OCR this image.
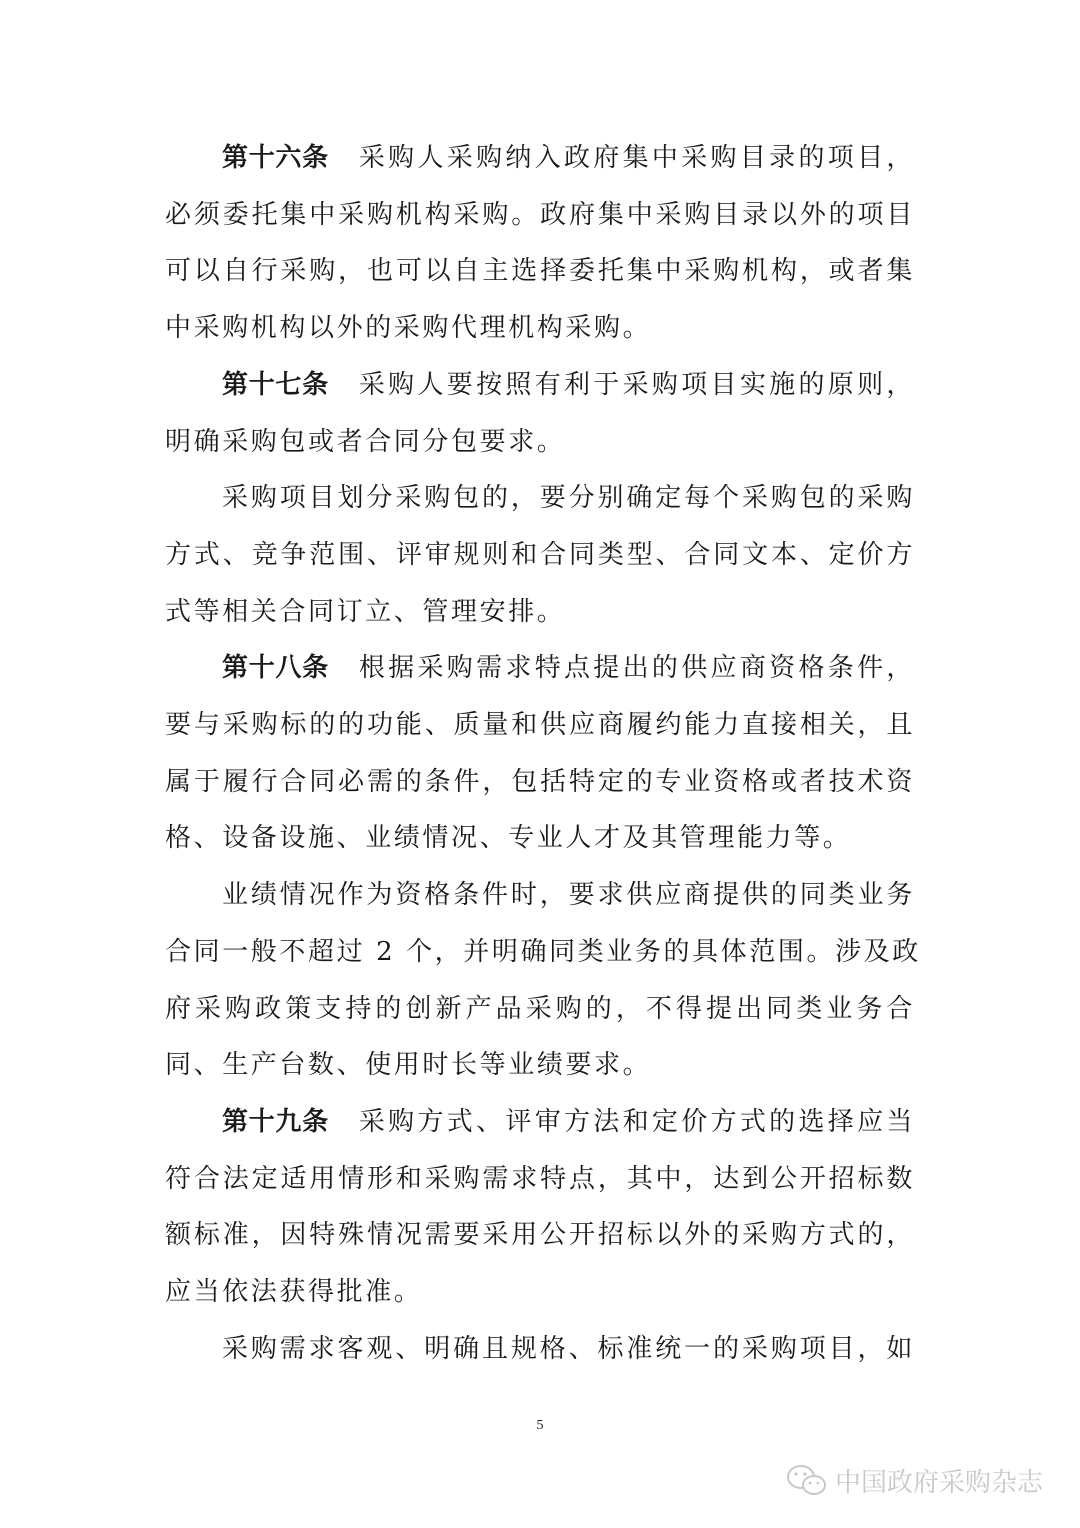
第十六条 采购人采购纳入政府集中采购目录的项目，
必须委托集中采购机构采购。政府集中采购目录以外的项目
可以自行采购，也可以自主选择委托集中采购机构，或者集
中采购机构以外的采购代理机构采购。
第十七条 采购人要按照有利于采购项目实施的原则，
明确采购包或者合同分包要求。
采购项目划分采购包的，要分别确定每个采购包的采购
方式、竞争范围、评审规则和合同类型、合同文本、定价方
式等相关合同订立、管理安排。
第十八条 根据采购需求特点提出的供应商资格条件，
要与采购标的的功能、质量和供应商履约能力直接相关，且
属于履行合同必需的条件，包括特定的专业资格或者技术资
格、设备设施、业绩情况、专业人才及其管理能力等。
业绩情况作为资格条件时，要求供应商提供的同类业务
合同一般不超过 2 个，并明确同类业务的具体范围。涉及政
府采购政策支持的创新产品采购的，不得提出同类业务合
同、生产台数、使用时长等业绩要求。
第十九条 采购方式、评审方法和定价方式的选择应当
符合法定适用情形和采购需求特点，其中，达到公开招标数
额标准，因特殊情况需要采用公开招标以外的采购方式的，
应当依法获得批准。
采购需求客观、明确且规格、标准统一的采购项目，如
5
中国政府采购杂志
